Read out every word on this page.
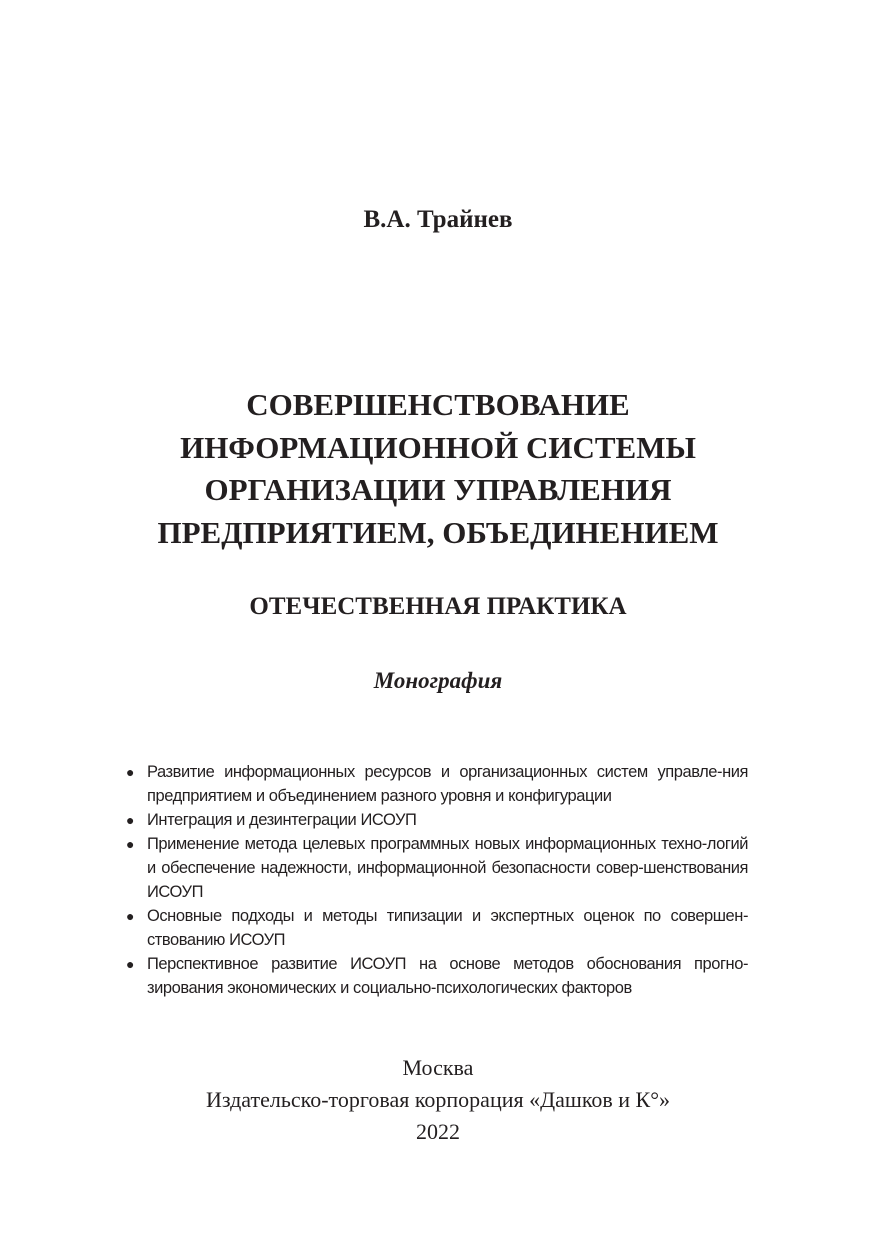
В.А. Трайнев
СОВЕРШЕНСТВОВАНИЕ
ИНФОРМАЦИОННОЙ СИСТЕМЫ
ОРГАНИЗАЦИИ УПРАВЛЕНИЯ
ПРЕДПРИЯТИЕМ, ОБЪЕДИНЕНИЕМ
ОТЕЧЕСТВЕННАЯ ПРАКТИКА
Монография
● Развитие информационных ресурсов и организационных систем управле-ния предприятием и объединением разного уровня и конфигурации
● Интеграция и дезинтеграции ИСОУП
● Применение метода целевых программных новых информационных техно-логий и обеспечение надежности, информационной безопасности совер-шенствования ИСОУП
● Основные подходы и методы типизации и экспертных оценок по совершен-ствованию ИСОУП
● Перспективное развитие ИСОУП на основе методов обоснования прогно-зирования экономических и социально-психологических факторов
Москва
Издательско-торговая корпорация «Дашков и К°»
2022
